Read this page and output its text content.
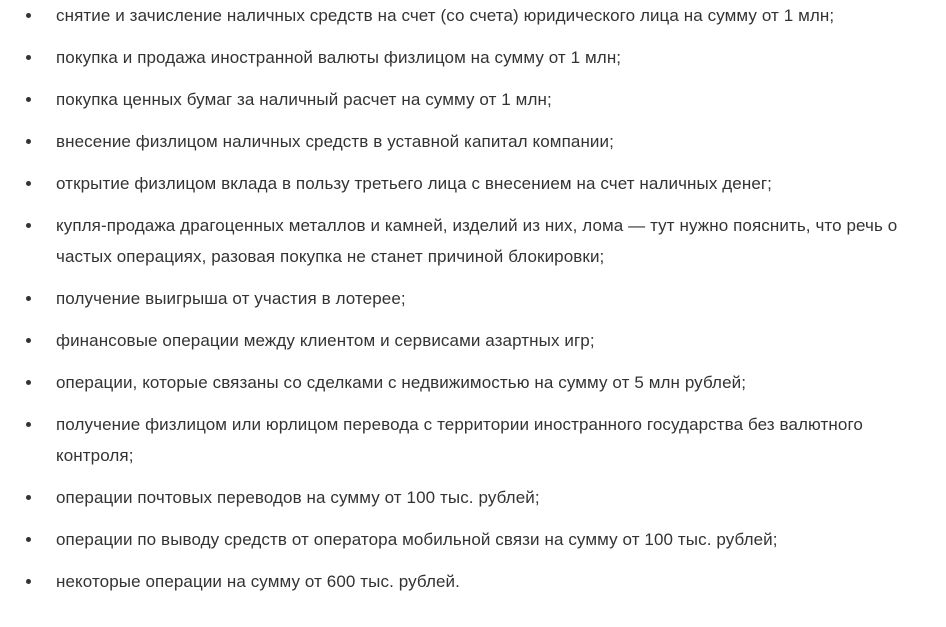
снятие и зачисление наличных средств на счет (со счета) юридического лица на сумму от 1 млн;
покупка и продажа иностранной валюты физлицом на сумму от 1 млн;
покупка ценных бумаг за наличный расчет на сумму от 1 млн;
внесение физлицом наличных средств в уставной капитал компании;
открытие физлицом вклада в пользу третьего лица с внесением на счет наличных денег;
купля-продажа драгоценных металлов и камней, изделий из них, лома — тут нужно пояснить, что речь о частых операциях, разовая покупка не станет причиной блокировки;
получение выигрыша от участия в лотерее;
финансовые операции между клиентом и сервисами азартных игр;
операции, которые связаны со сделками с недвижимостью на сумму от 5 млн рублей;
получение физлицом или юрлицом перевода с территории иностранного государства без валютного контроля;
операции почтовых переводов на сумму от 100 тыс. рублей;
операции по выводу средств от оператора мобильной связи на сумму от 100 тыс. рублей;
некоторые операции на сумму от 600 тыс. рублей.
